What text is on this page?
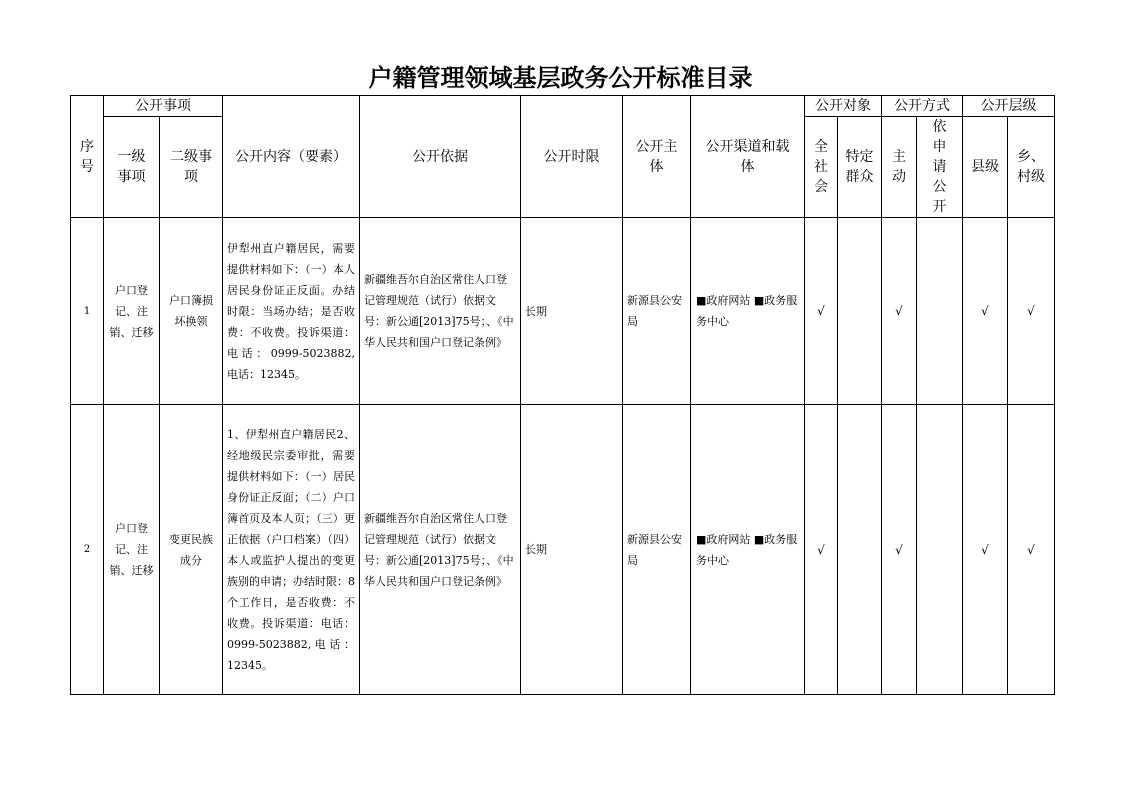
户籍管理领域基层政务公开标准目录
序号	公开事项		公开内容（要素）	公开依据	公开时限	公开主体	公开渠道和载体	公开对象		公开方式		公开层级	
	一级事项	二级事项						全社会	特定群众	主动	依申请公开	县级	乡、村级
1	户口登记、注销、迁移	户口簿损坏换领	伊犁州直户籍居民，需要提供材料如下：（一）本人居民身份证正反面。办结时限：当场办结；是否收费：不收费。投诉渠道：电话：0999-5023882,电话：12345。	新疆维吾尔自治区常住人口登记管理规范（试行）依据文号：新公通[2013]75号；、《中华人民共和国户口登记条例》	长期	新源县公安局	■政府网站 ■政务服务中心	√		√		√	√
2	户口登记、注销、迁移	变更民族成分	1、伊犁州直户籍居民2、经地级民宗委审批，需要提供材料如下：（一）居民身份证正反面；（二）户口簿首页及本人页；（三）更正依据（户口档案）（四）本人或监护人提出的变更族别的申请；办结时限：8个工作日，是否收费：不收费。投诉渠道：电话：0999-5023882,电话：12345。	新疆维吾尔自治区常住人口登记管理规范（试行）依据文号：新公通[2013]75号；、《中华人民共和国户口登记条例》	长期	新源县公安局	■政府网站 ■政务服务中心	√		√		√	√
